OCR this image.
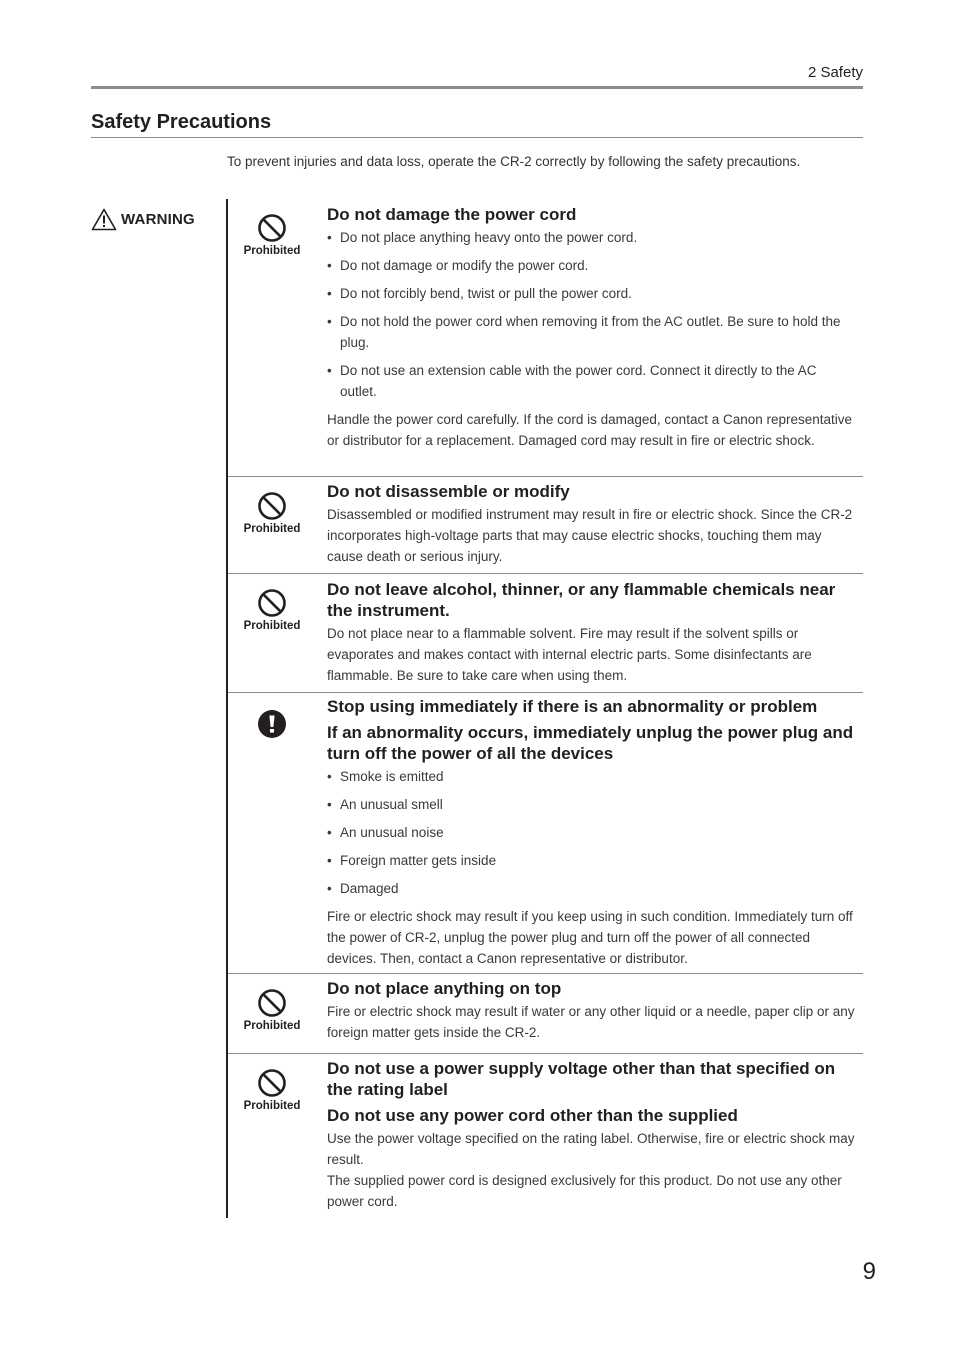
2 Safety
Safety Precautions

To prevent injuries and data loss, operate the CR-2 correctly by following the safety precautions.

WARNING
Prohibited
Do not damage the power cord
• Do not place anything heavy onto the power cord.
• Do not damage or modify the power cord.
• Do not forcibly bend, twist or pull the power cord.
• Do not hold the power cord when removing it from the AC outlet. Be sure to hold the plug.
• Do not use an extension cable with the power cord. Connect it directly to the AC outlet.
Handle the power cord carefully. If the cord is damaged, contact a Canon representative or distributor for a replacement. Damaged cord may result in fire or electric shock.
Prohibited
Do not disassemble or modify
Disassembled or modified instrument may result in fire or electric shock. Since the CR-2 incorporates high-voltage parts that may cause electric shocks, touching them may cause death or serious injury.
Prohibited
Do not leave alcohol, thinner, or any flammable chemicals near the instrument.
Do not place near to a flammable solvent. Fire may result if the solvent spills or evaporates and makes contact with internal electric parts. Some disinfectants are flammable. Be sure to take care when using them.
Stop using immediately if there is an abnormality or problem
If an abnormality occurs, immediately unplug the power plug and turn off the power of all the devices
• Smoke is emitted
• An unusual smell
• An unusual noise
• Foreign matter gets inside
• Damaged
Fire or electric shock may result if you keep using in such condition. Immediately turn off the power of CR-2, unplug the power plug and turn off the power of all connected devices. Then, contact a Canon representative or distributor.
Prohibited
Do not place anything on top
Fire or electric shock may result if water or any other liquid or a needle, paper clip or any foreign matter gets inside the CR-2.
Prohibited
Do not use a power supply voltage other than that specified on the rating label
Do not use any power cord other than the supplied
Use the power voltage specified on the rating label. Otherwise, fire or electric shock may result.
The supplied power cord is designed exclusively for this product. Do not use any other power cord.
9
